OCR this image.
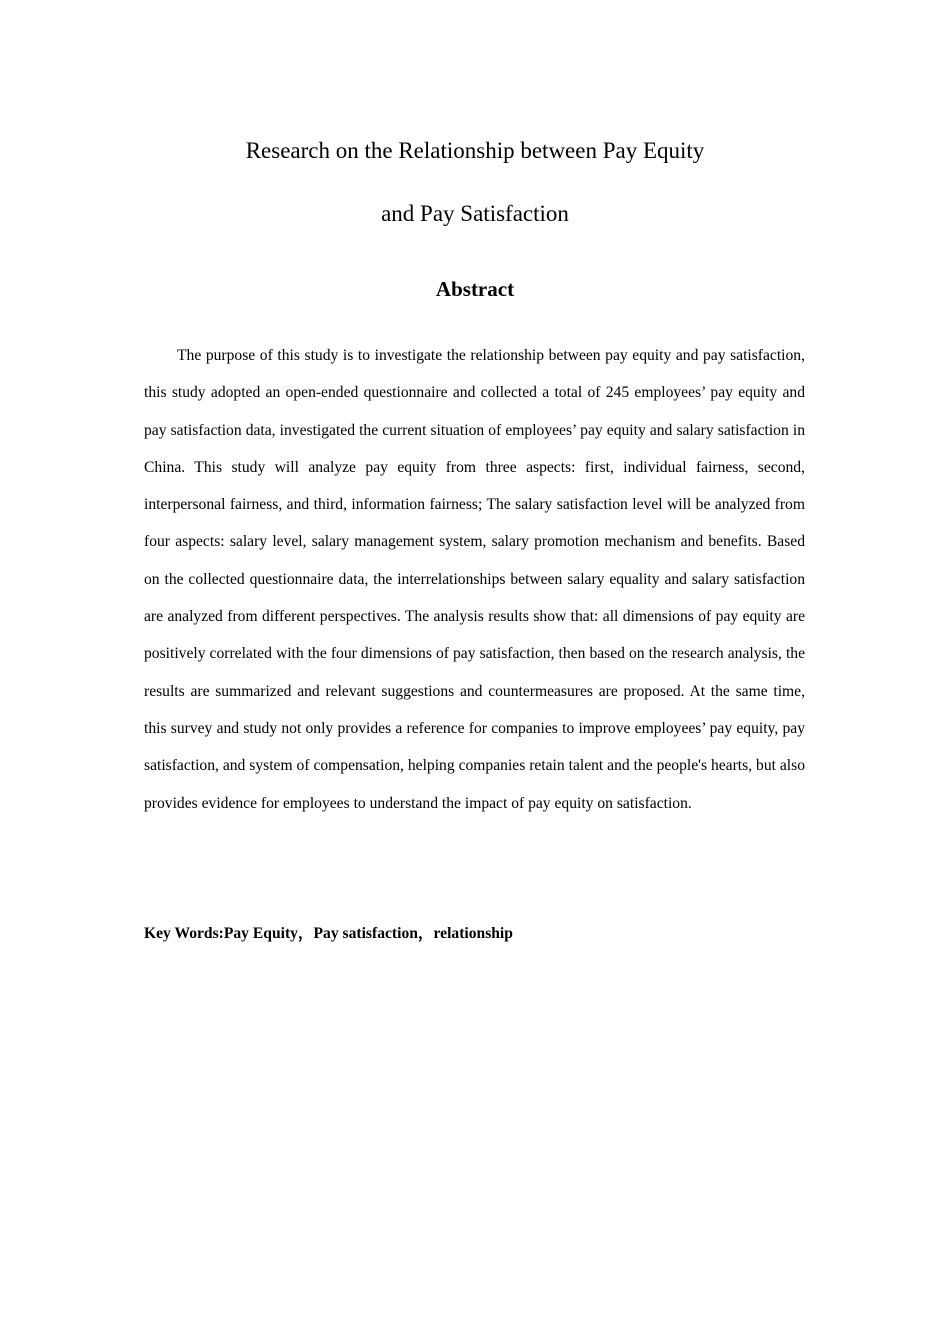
Research on the Relationship between Pay Equity
and Pay Satisfaction
Abstract

The purpose of this study is to investigate the relationship between pay equity and pay satisfaction, this study adopted an open-ended questionnaire and collected a total of 245 employees’ pay equity and pay satisfaction data, investigated the current situation of employees’ pay equity and salary satisfaction in China. This study will analyze pay equity from three aspects: first, individual fairness, second, interpersonal fairness, and third, information fairness; The salary satisfaction level will be analyzed from four aspects: salary level, salary management system, salary promotion mechanism and benefits. Based on the collected questionnaire data, the interrelationships between salary equality and salary satisfaction are analyzed from different perspectives. The analysis results show that: all dimensions of pay equity are positively correlated with the four dimensions of pay satisfaction, then based on the research analysis, the results are summarized and relevant suggestions and countermeasures are proposed. At the same time, this survey and study not only provides a reference for companies to improve employees’ pay equity, pay satisfaction, and system of compensation, helping companies retain talent and the people's hearts, but also provides evidence for employees to understand the impact of pay equity on satisfaction.

Key Words:Pay Equity，Pay satisfaction，relationship
